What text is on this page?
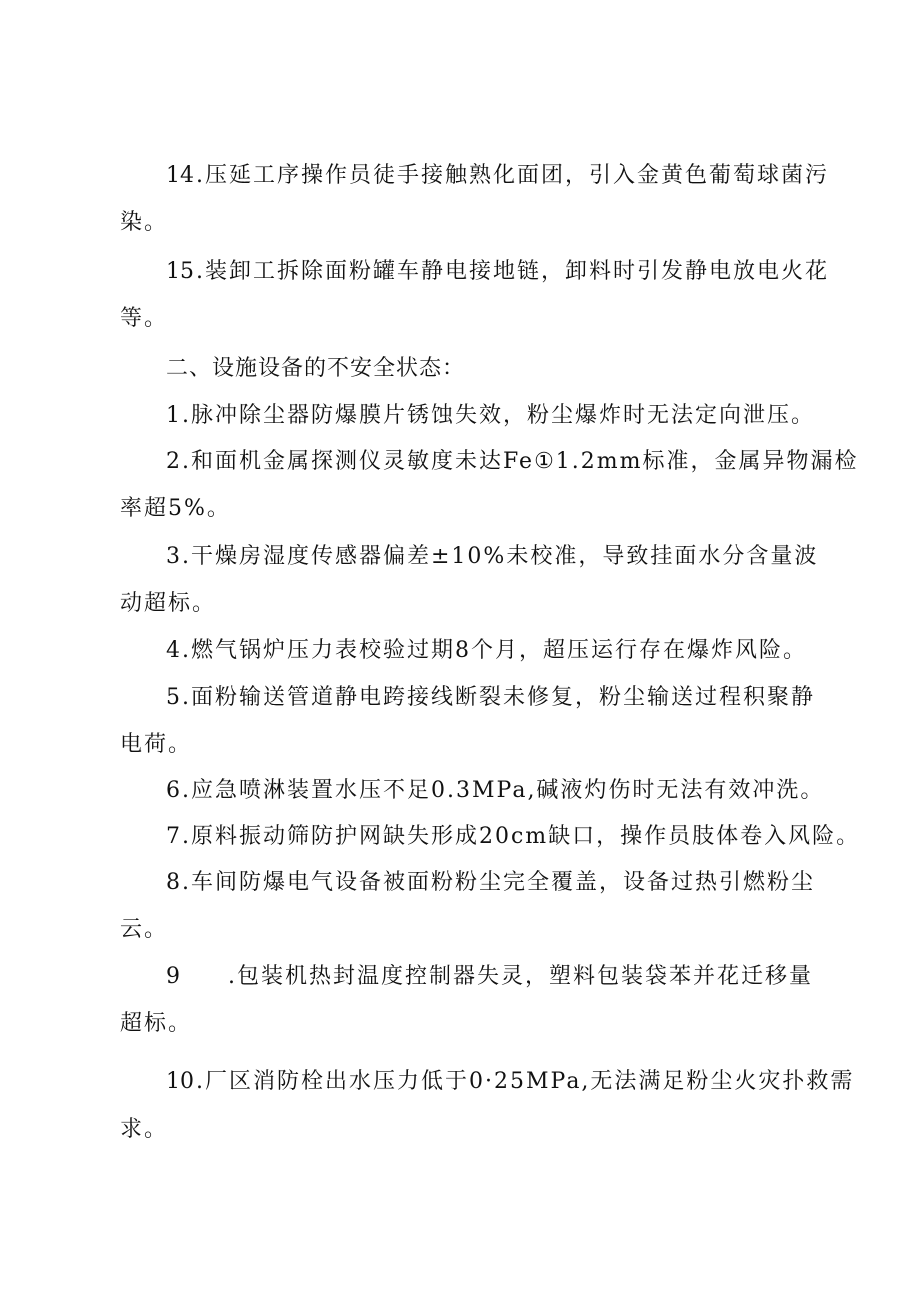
14.压延工序操作员徒手接触熟化面团，引入金黄色葡萄球菌污
染。
15.装卸工拆除面粉罐车静电接地链，卸料时引发静电放电火花
等。
二、设施设备的不安全状态：
1.脉冲除尘器防爆膜片锈蚀失效，粉尘爆炸时无法定向泄压。
2.和面机金属探测仪灵敏度未达Fe①1.2mm标准，金属异物漏检
率超5%。
3.干燥房湿度传感器偏差±10%未校准，导致挂面水分含量波
动超标。
4.燃气锅炉压力表校验过期8个月，超压运行存在爆炸风险。
5.面粉输送管道静电跨接线断裂未修复，粉尘输送过程积聚静
电荷。
6.应急喷淋装置水压不足0.3MPa,碱液灼伤时无法有效冲洗。
7.原料振动筛防护网缺失形成20cm缺口，操作员肢体卷入风险。
8.车间防爆电气设备被面粉粉尘完全覆盖，设备过热引燃粉尘
云。
9 .包装机热封温度控制器失灵，塑料包装袋苯并花迁移量
超标。
10.厂区消防栓出水压力低于0·25MPa,无法满足粉尘火灾扑救需
求。
